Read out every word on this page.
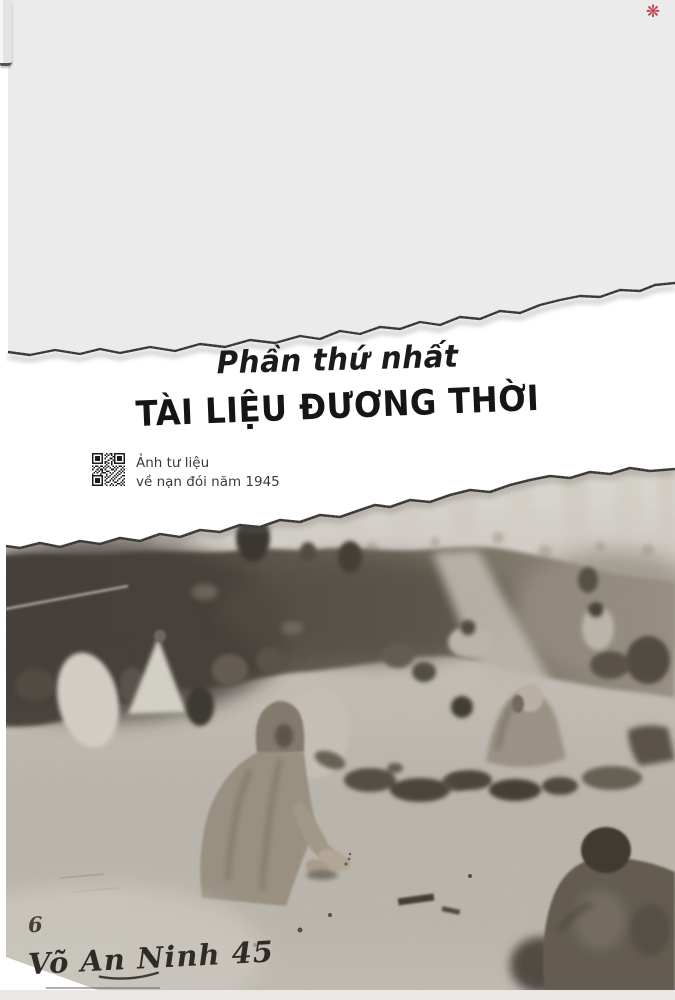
❋
Phần thứ nhất
TÀI LIỆU ĐƯƠNG THỜI
Ảnh tư liệu
về nạn đói năm 1945
6
Võ An Ninh 45
